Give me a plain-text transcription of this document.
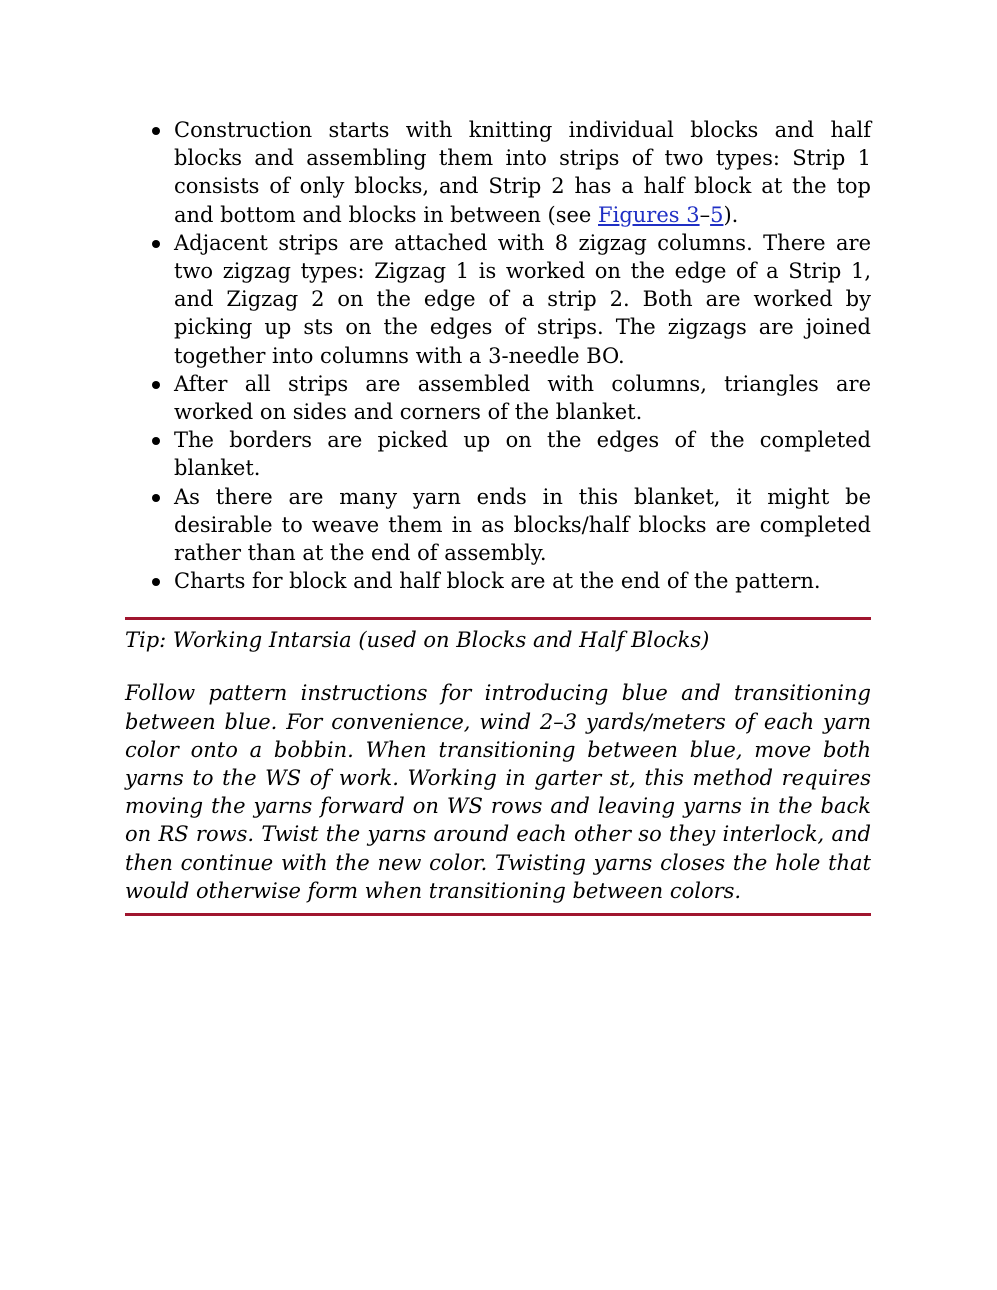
Construction starts with knitting individual blocks and half blocks and assembling them into strips of two types: Strip 1 consists of only blocks, and Strip 2 has a half block at the top and bottom and blocks in between (see Figures 3–5).
Adjacent strips are attached with 8 zigzag columns. There are two zigzag types: Zigzag 1 is worked on the edge of a Strip 1, and Zigzag 2 on the edge of a strip 2. Both are worked by picking up sts on the edges of strips. The zigzags are joined together into columns with a 3-needle BO.
After all strips are assembled with columns, triangles are worked on sides and corners of the blanket.
The borders are picked up on the edges of the completed blanket.
As there are many yarn ends in this blanket, it might be desirable to weave them in as blocks/half blocks are completed rather than at the end of assembly.
Charts for block and half block are at the end of the pattern.
Tip: Working Intarsia (used on Blocks and Half Blocks)
Follow pattern instructions for introducing blue and transitioning between blue. For convenience, wind 2–3 yards/meters of each yarn color onto a bobbin. When transitioning between blue, move both yarns to the WS of work. Working in garter st, this method requires moving the yarns forward on WS rows and leaving yarns in the back on RS rows. Twist the yarns around each other so they interlock, and then continue with the new color. Twisting yarns closes the hole that would otherwise form when transitioning between colors.
